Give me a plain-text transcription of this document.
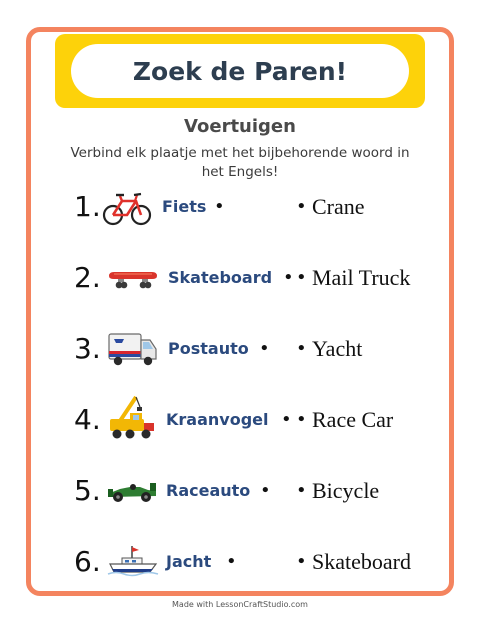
Zoek de Paren!
Voertuigen
Verbind elk plaatje met het bijbehorende woord in het Engels!
1.	Fiets •	• Crane
2.	Skateboard • • Mail Truck
3.	Postauto • • Yacht
4.	Kraanvogel • • Race Car
5.	Raceauto • • Bicycle
6.	Jacht •	• Skateboard
Made with LessonCraftStudio.com
